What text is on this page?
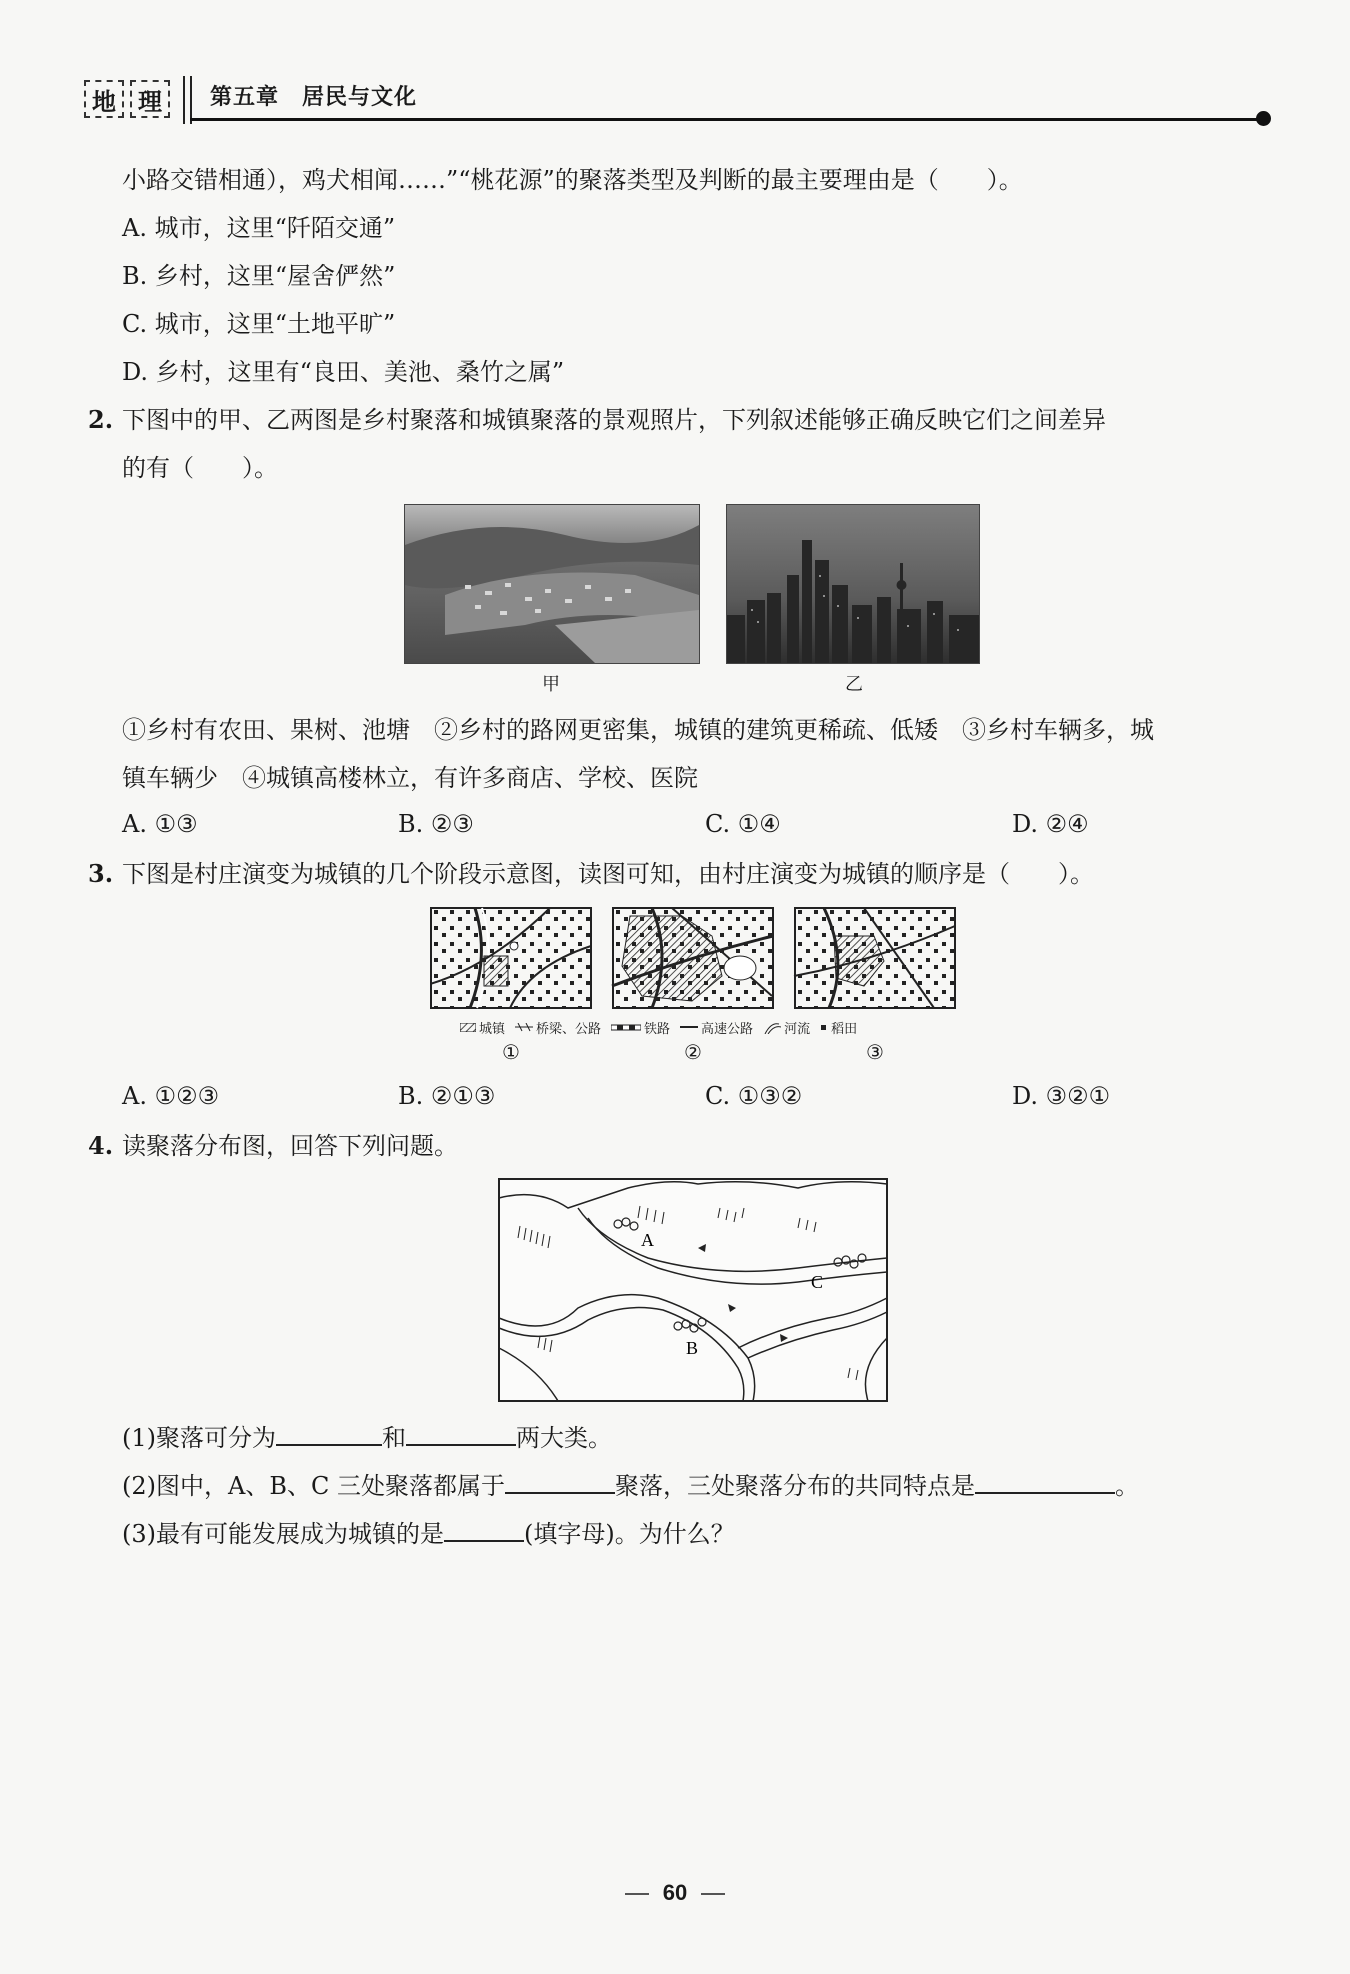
地 理	第五章　居民与文化
小路交错相通），鸡犬相闻……”“桃花源”的聚落类型及判断的最主要理由是（　　）。
A. 城市，这里“阡陌交通”
B. 乡村，这里“屋舍俨然”
C. 城市，这里“土地平旷”
D. 乡村，这里有“良田、美池、桑竹之属”
2. 下图中的甲、乙两图是乡村聚落和城镇聚落的景观照片，下列叙述能够正确反映它们之间差异
的有（　　）。
甲	乙
①乡村有农田、果树、池塘　②乡村的路网更密集，城镇的建筑更稀疏、低矮　③乡村车辆多，城
镇车辆少　④城镇高楼林立，有许多商店、学校、医院
A. ①③	B. ②③	C. ①④	D. ②④
3. 下图是村庄演变为城镇的几个阶段示意图，读图可知，由村庄演变为城镇的顺序是（　　）。
城镇 桥梁、公路	铁路 高速公路 河流 稻田
①	②	③
A. ①②③	B. ②①③	C. ①③②	D. ③②①
4. 读聚落分布图，回答下列问题。
A
B
C
(1)聚落可分为	和	两大类。
(2)图中，A、B、C 三处聚落都属于	聚落，三处聚落分布的共同特点是	。
(3)最有可能发展成为城镇的是	(填字母)。为什么？
60
